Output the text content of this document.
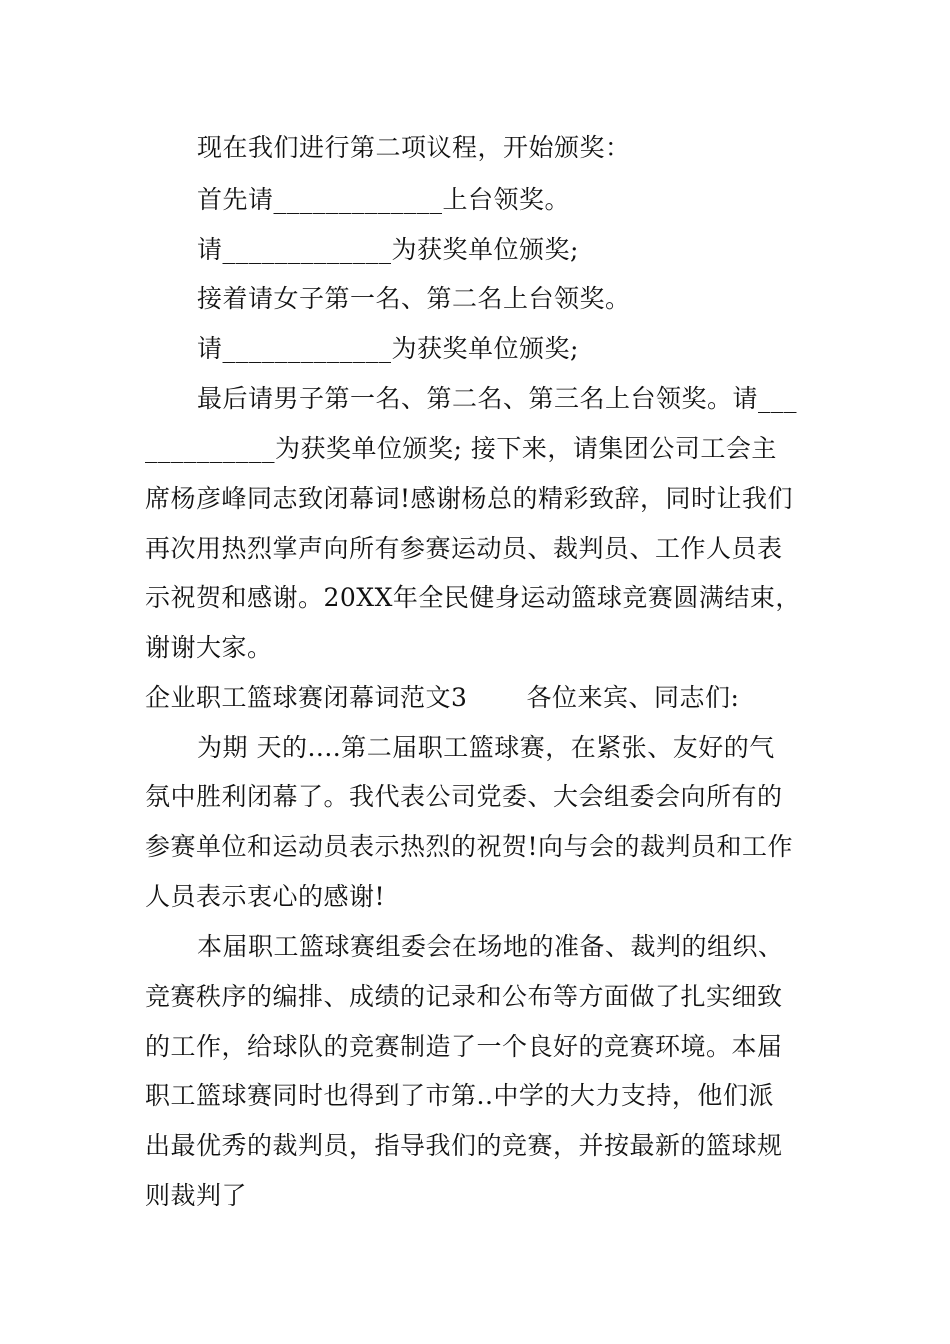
现在我们进行第二项议程，开始颁奖：
首先请_____________上台领奖。
请_____________为获奖单位颁奖;
接着请女子第一名、第二名上台领奖。
请_____________为获奖单位颁奖;
最后请男子第一名、第二名、第三名上台领奖。请___
__________为获奖单位颁奖; 接下来，请集团公司工会主
席杨彦峰同志致闭幕词!感谢杨总的精彩致辞，同时让我们
再次用热烈掌声向所有参赛运动员、裁判员、工作人员表
示祝贺和感谢。20XX年全民健身运动篮球竞赛圆满结束，
谢谢大家。
企业职工篮球赛闭幕词范文3       各位来宾、同志们:
为期 天的....第二届职工篮球赛，在紧张、友好的气
氛中胜利闭幕了。我代表公司党委、大会组委会向所有的
参赛单位和运动员表示热烈的祝贺!向与会的裁判员和工作
人员表示衷心的感谢!
本届职工篮球赛组委会在场地的准备、裁判的组织、
竞赛秩序的编排、成绩的记录和公布等方面做了扎实细致
的工作，给球队的竞赛制造了一个良好的竞赛环境。本届
职工篮球赛同时也得到了市第..中学的大力支持，他们派
出最优秀的裁判员，指导我们的竞赛，并按最新的篮球规
则裁判了
